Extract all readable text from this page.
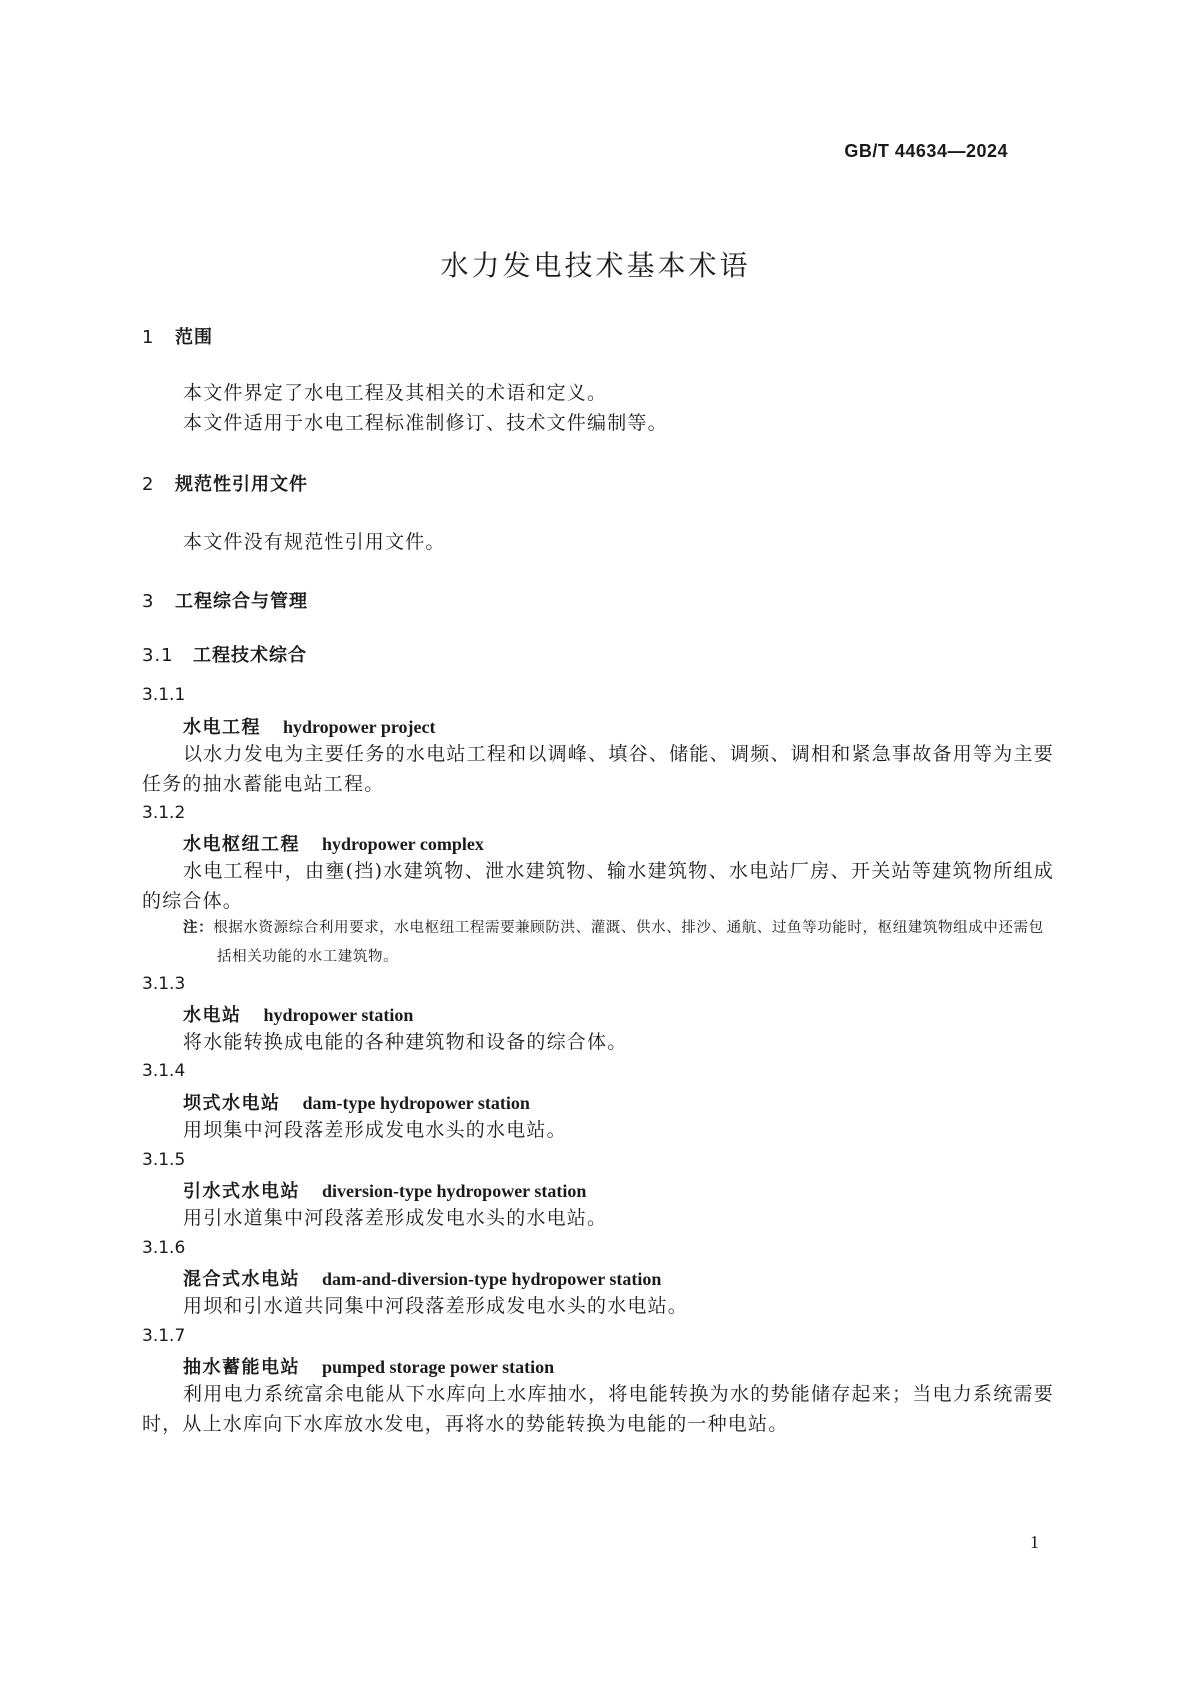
GB/T 44634—2024
水力发电技术基本术语
1 范围
本文件界定了水电工程及其相关的术语和定义。
本文件适用于水电工程标准制修订、技术文件编制等。
2 规范性引用文件
本文件没有规范性引用文件。
3 工程综合与管理
3.1 工程技术综合
3.1.1
水电工程 hydropower project
以水力发电为主要任务的水电站工程和以调峰、填谷、储能、调频、调相和紧急事故备用等为主要任务的抽水蓄能电站工程。
3.1.2
水电枢纽工程 hydropower complex
水电工程中，由壅(挡)水建筑物、泄水建筑物、输水建筑物、水电站厂房、开关站等建筑物所组成的综合体。
注：根据水资源综合利用要求，水电枢纽工程需要兼顾防洪、灌溉、供水、排沙、通航、过鱼等功能时，枢纽建筑物组成中还需包括相关功能的水工建筑物。
3.1.3
水电站 hydropower station
将水能转换成电能的各种建筑物和设备的综合体。
3.1.4
坝式水电站 dam-type hydropower station
用坝集中河段落差形成发电水头的水电站。
3.1.5
引水式水电站 diversion-type hydropower station
用引水道集中河段落差形成发电水头的水电站。
3.1.6
混合式水电站 dam-and-diversion-type hydropower station
用坝和引水道共同集中河段落差形成发电水头的水电站。
3.1.7
抽水蓄能电站 pumped storage power station
利用电力系统富余电能从下水库向上水库抽水，将电能转换为水的势能储存起来；当电力系统需要时，从上水库向下水库放水发电，再将水的势能转换为电能的一种电站。
1
